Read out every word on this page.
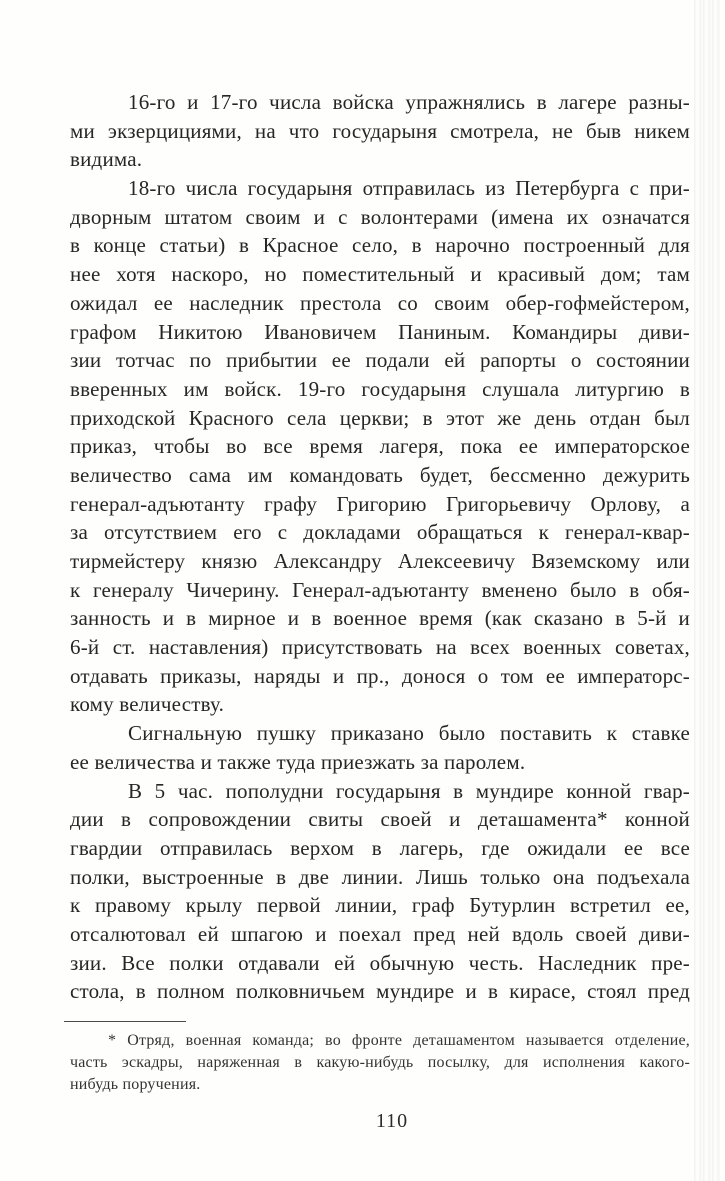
16-го и 17-го числа войска упражнялись в лагере разны-
ми экзерцициями, на что государыня смотрела, не быв никем
видима.
18-го числа государыня отправилась из Петербурга с при-
дворным штатом своим и с волонтерами (имена их означатся
в конце статьи) в Красное село, в нарочно построенный для
нее хотя наскоро, но поместительный и красивый дом; там
ожидал ее наследник престола со своим обер-гофмейстером,
графом Никитою Ивановичем Паниным. Командиры диви-
зии тотчас по прибытии ее подали ей рапорты о состоянии
вверенных им войск. 19-го государыня слушала литургию в
приходской Красного села церкви; в этот же день отдан был
приказ, чтобы во все время лагеря, пока ее императорское
величество сама им командовать будет, бессменно дежурить
генерал-адъютанту графу Григорию Григорьевичу Орлову, а
за отсутствием его с докладами обращаться к генерал-квар-
тирмейстеру князю Александру Алексеевичу Вяземскому или
к генералу Чичерину. Генерал-адъютанту вменено было в обя-
занность и в мирное и в военное время (как сказано в 5-й и
6-й ст. наставления) присутствовать на всех военных советах,
отдавать приказы, наряды и пр., донося о том ее императорс-
кому величеству.
Сигнальную пушку приказано было поставить к ставке
ее величества и также туда приезжать за паролем.
В 5 час. пополудни государыня в мундире конной гвар-
дии в сопровождении свиты своей и деташамента* конной
гвардии отправилась верхом в лагерь, где ожидали ее все
полки, выстроенные в две линии. Лишь только она подъехала
к правому крылу первой линии, граф Бутурлин встретил ее,
отсалютовал ей шпагою и поехал пред ней вдоль своей диви-
зии. Все полки отдавали ей обычную честь. Наследник пре-
стола, в полном полковничьем мундире и в кирасе, стоял пред
* Отряд, военная команда; во фронте деташаментом называется отделение,
часть эскадры, наряженная в какую-нибудь посылку, для исполнения какого-
нибудь поручения.
110
